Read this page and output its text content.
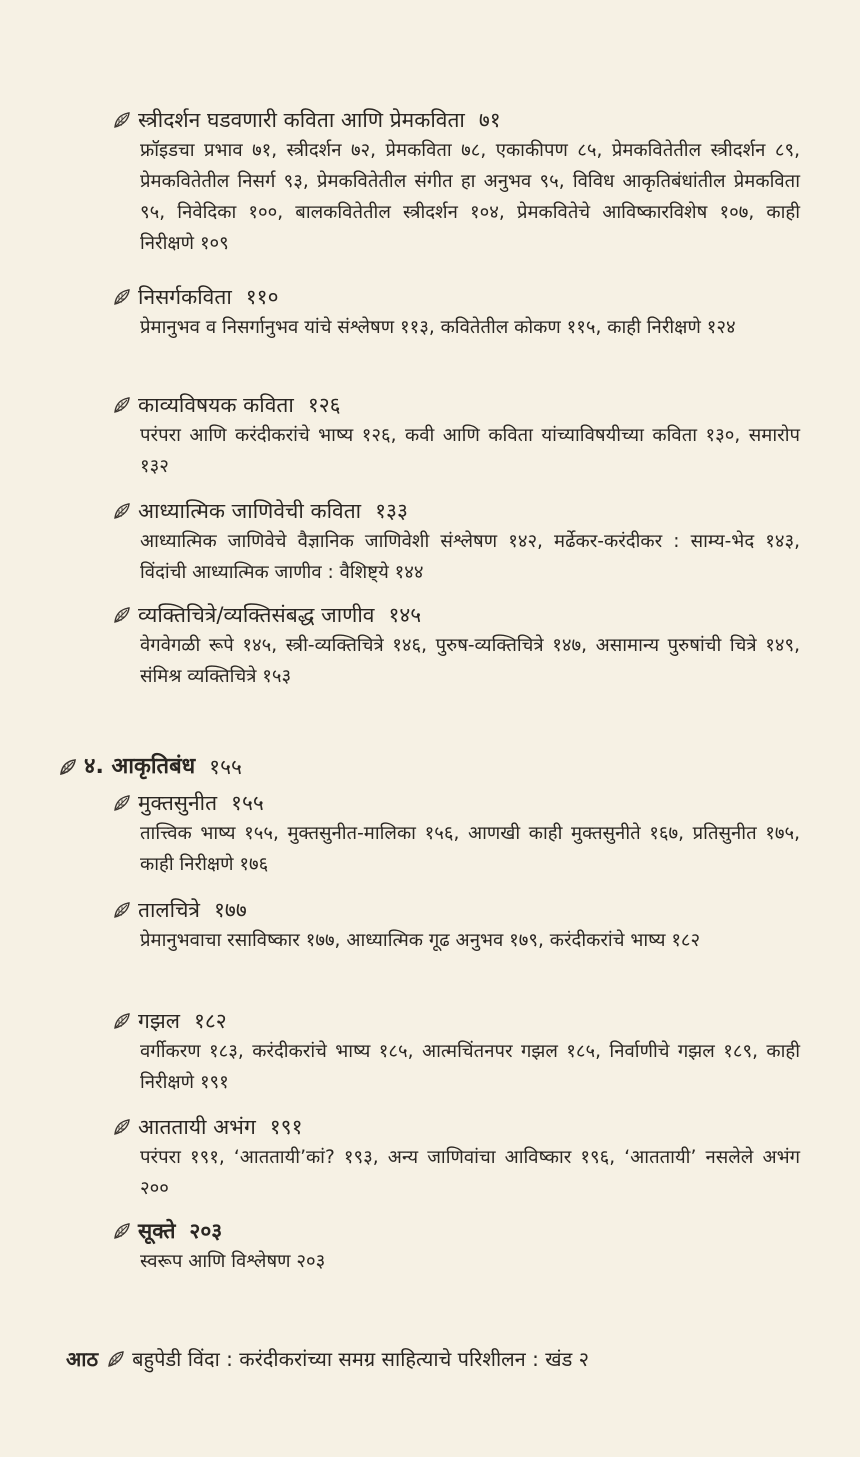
स्त्रीदर्शन घडवणारी कविता आणि प्रेमकविता ७१
फ्रॉइडचा प्रभाव ७१, स्त्रीदर्शन ७२, प्रेमकविता ७८, एकाकीपण ८५, प्रेमकवितेतील स्त्रीदर्शन ८९, प्रेमकवितेतील निसर्ग ९३, प्रेमकवितेतील संगीत हा अनुभव ९५, विविध आकृतिबंधांतील प्रेमकविता ९५, निवेदिका १००, बालकवितेतील स्त्रीदर्शन १०४, प्रेमकवितेचे आविष्कारविशेष १०७, काही निरीक्षणे १०९
निसर्गकविता ११०
प्रेमानुभव व निसर्गानुभव यांचे संश्लेषण ११३, कवितेतील कोकण ११५, काही निरीक्षणे १२४
काव्यविषयक कविता १२६
परंपरा आणि करंदीकरांचे भाष्य १२६, कवी आणि कविता यांच्याविषयीच्या कविता १३०, समारोप १३२
आध्यात्मिक जाणिवेची कविता १३३
आध्यात्मिक जाणिवेचे वैज्ञानिक जाणिवेशी संश्लेषण १४२, मर्ढेकर-करंदीकर : साम्य-भेद १४३, विंदांची आध्यात्मिक जाणीव : वैशिष्ट्ये १४४
व्यक्तिचित्रे/व्यक्तिसंबद्ध जाणीव १४५
वेगवेगळी रूपे १४५, स्त्री-व्यक्तिचित्रे १४६, पुरुष-व्यक्तिचित्रे १४७, असामान्य पुरुषांची चित्रे १४९, संमिश्र व्यक्तिचित्रे १५३
४. आकृतिबंध १५५
मुक्तसुनीत १५५
तात्त्विक भाष्य १५५, मुक्तसुनीत-मालिका १५६, आणखी काही मुक्तसुनीते १६७, प्रतिसुनीत १७५, काही निरीक्षणे १७६
तालचित्रे १७७
प्रेमानुभवाचा रसाविष्कार १७७, आध्यात्मिक गूढ अनुभव १७९, करंदीकरांचे भाष्य १८२
गझल १८२
वर्गीकरण १८३, करंदीकरांचे भाष्य १८५, आत्मचिंतनपर गझल १८५, निर्वाणीचे गझल १८९, काही निरीक्षणे १९१
आततायी अभंग १९१
परंपरा १९१, ‘आततायी’कां? १९३, अन्य जाणिवांचा आविष्कार १९६, ‘आततायी’ नसलेले अभंग २००
सूक्ते २०३
स्वरूप आणि विश्लेषण २०३
आठ बहुपेडी विंदा : करंदीकरांच्या समग्र साहित्याचे परिशीलन : खंड २
